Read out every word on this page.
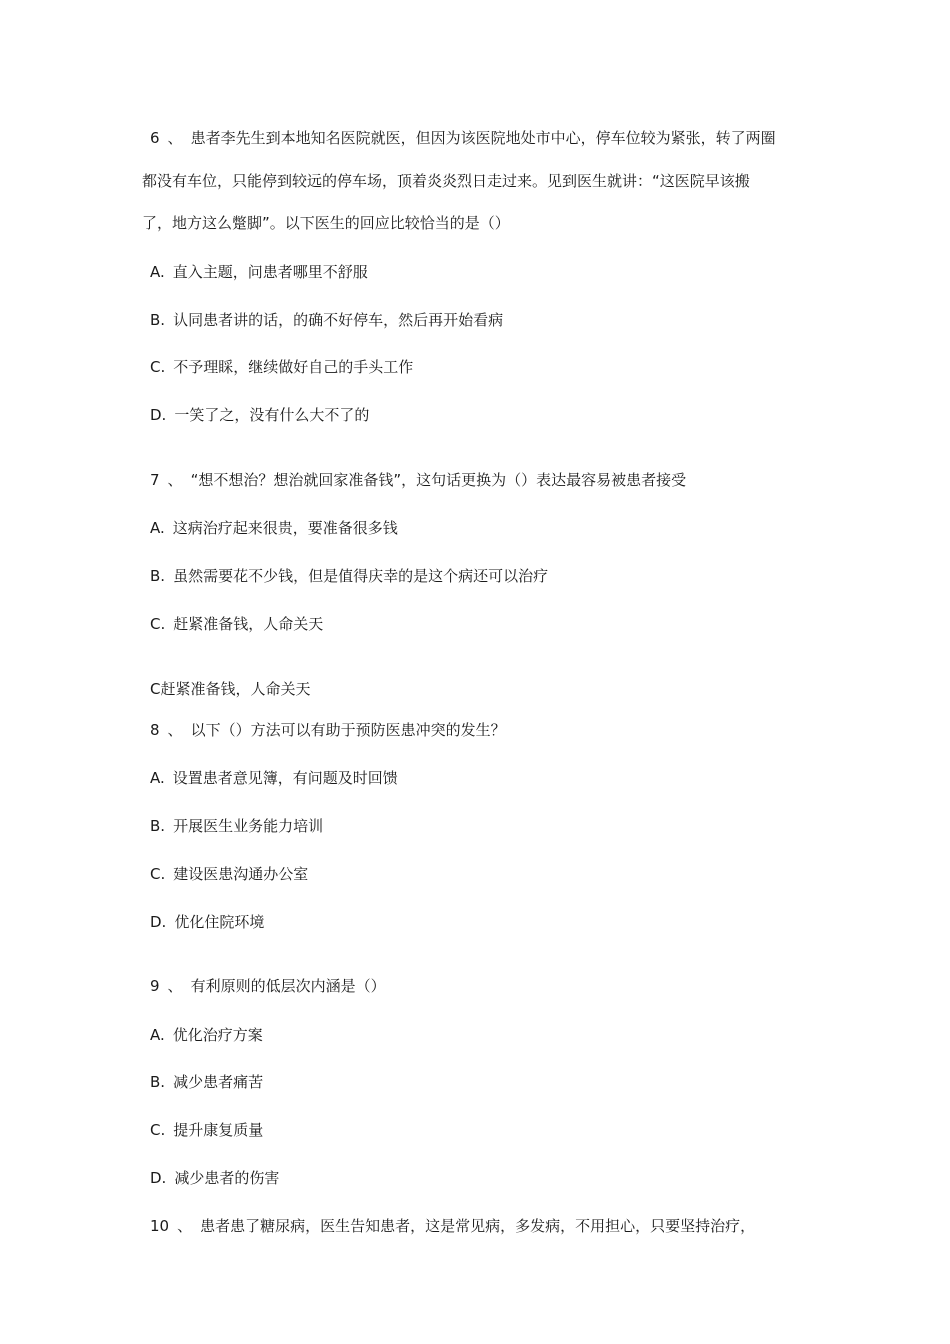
6 、 患者李先生到本地知名医院就医，但因为该医院地处市中心，停车位较为紧张，转了两圈
都没有车位，只能停到较远的停车场，顶着炎炎烈日走过来。见到医生就讲：“这医院早该搬
了，地方这么蹩脚”。以下医生的回应比较恰当的是（）
A. 直入主题，问患者哪里不舒服
B. 认同患者讲的话，的确不好停车，然后再开始看病
C. 不予理睬，继续做好自己的手头工作
D. 一笑了之，没有什么大不了的
7 、 “想不想治？想治就回家准备钱”，这句话更换为（）表达最容易被患者接受
A. 这病治疗起来很贵，要准备很多钱
B. 虽然需要花不少钱，但是值得庆幸的是这个病还可以治疗
C. 赶紧准备钱，人命关天
C赶紧准备钱，人命关天
8 、 以下（）方法可以有助于预防医患冲突的发生？
A. 设置患者意见簿，有问题及时回馈
B. 开展医生业务能力培训
C. 建设医患沟通办公室
D. 优化住院环境
9 、 有利原则的低层次内涵是（）
A. 优化治疗方案
B. 减少患者痛苦
C. 提升康复质量
D. 减少患者的伤害
10 、 患者患了糖尿病，医生告知患者，这是常见病，多发病，不用担心，只要坚持治疗，
